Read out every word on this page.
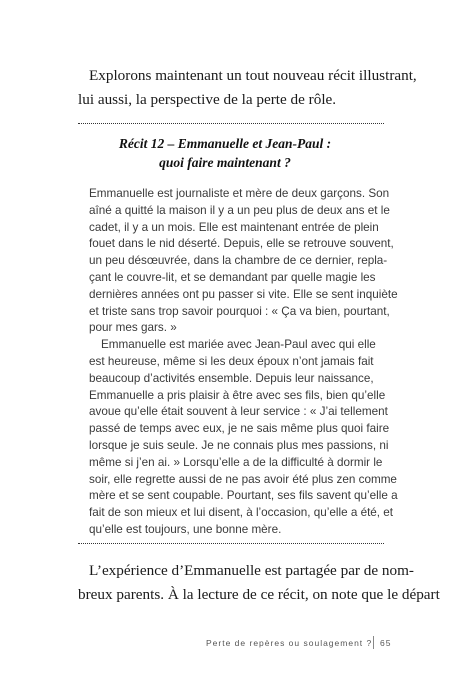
Explorons maintenant un tout nouveau récit illustrant,
lui aussi, la perspective de la perte de rôle.
Récit 12 – Emmanuelle et Jean-Paul :
quoi faire maintenant ?
Emmanuelle est journaliste et mère de deux garçons. Son
aîné a quitté la maison il y a un peu plus de deux ans et le
cadet, il y a un mois. Elle est maintenant entrée de plein
fouet dans le nid déserté. Depuis, elle se retrouve souvent,
un peu désœuvrée, dans la chambre de ce dernier, repla-
çant le couvre-lit, et se demandant par quelle magie les
dernières années ont pu passer si vite. Elle se sent inquiète
et triste sans trop savoir pourquoi : « Ça va bien, pourtant,
pour mes gars. »
Emmanuelle est mariée avec Jean-Paul avec qui elle
est heureuse, même si les deux époux n’ont jamais fait
beaucoup d’activités ensemble. Depuis leur naissance,
Emmanuelle a pris plaisir à être avec ses fils, bien qu’elle
avoue qu’elle était souvent à leur service : « J’ai tellement
passé de temps avec eux, je ne sais même plus quoi faire
lorsque je suis seule. Je ne connais plus mes passions, ni
même si j’en ai. » Lorsqu’elle a de la difficulté à dormir le
soir, elle regrette aussi de ne pas avoir été plus zen comme
mère et se sent coupable. Pourtant, ses fils savent qu’elle a
fait de son mieux et lui disent, à l’occasion, qu’elle a été, et
qu’elle est toujours, une bonne mère.
L’expérience d’Emmanuelle est partagée par de nom-
breux parents. À la lecture de ce récit, on note que le départ
Perte de repères ou soulagement ? 65
